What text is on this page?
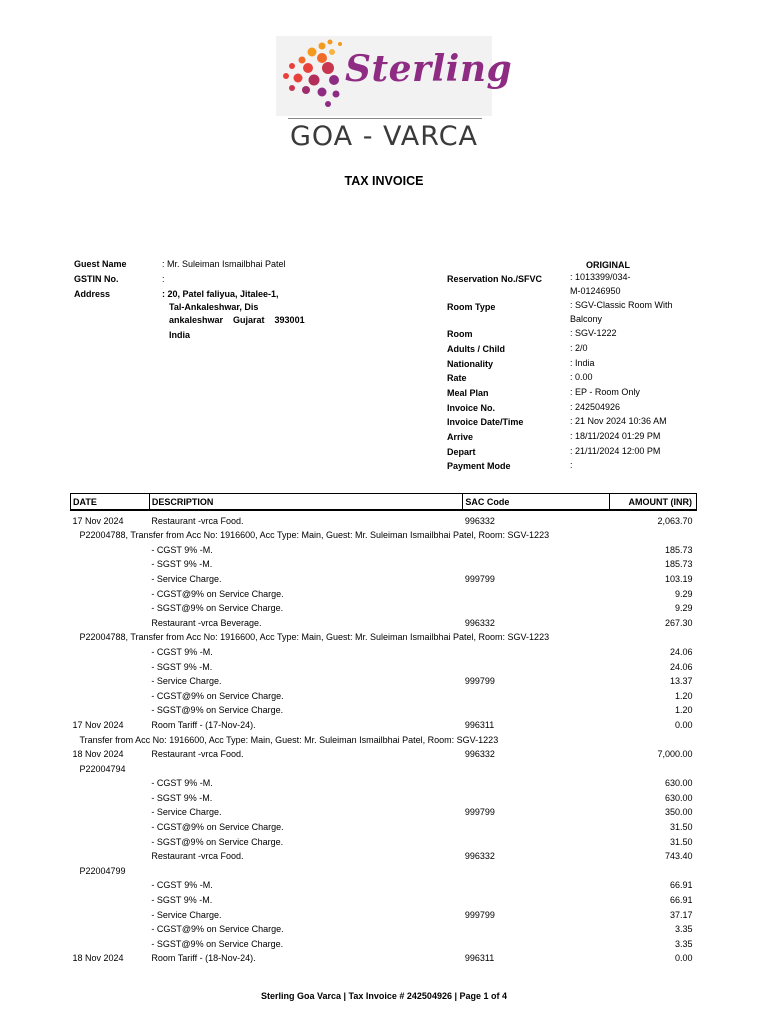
Sterling
GOA - VARCA
TAX INVOICE
Guest Name	: Mr. Suleiman Ismailbhai Patel
GSTIN No.	:
Address	: 20, Patel faliyua, Jitalee-1,
Tal-Ankaleshwar, Dis
ankaleshwar    Gujarat    393001
India
ORIGINAL
Reservation No./SFVC	: 1013399/034-
M-01246950
Room Type	: SGV-Classic Room With
Balcony
Room	: SGV-1222
Adults / Child	: 2/0
Nationality	: India
Rate	: 0.00
Meal Plan	: EP - Room Only
Invoice No.	: 242504926
Invoice Date/Time	: 21 Nov 2024 10:36 AM
Arrive	: 18/11/2024 01:29 PM
Depart	: 21/11/2024 12:00 PM
Payment Mode	:
DATE	DESCRIPTION	SAC Code	AMOUNT (INR)
17 Nov 2024	Restaurant -vrca Food.	996332	2,063.70
P22004788, Transfer from Acc No: 1916600, Acc Type: Main, Guest: Mr. Suleiman Ismailbhai Patel, Room: SGV-1223			
	- CGST 9% -M.		185.73
	- SGST 9% -M.		185.73
	- Service Charge.	999799	103.19
	- CGST@9% on Service Charge.		9.29
	- SGST@9% on Service Charge.		9.29
	Restaurant -vrca Beverage.	996332	267.30
P22004788, Transfer from Acc No: 1916600, Acc Type: Main, Guest: Mr. Suleiman Ismailbhai Patel, Room: SGV-1223			
	- CGST 9% -M.		24.06
	- SGST 9% -M.		24.06
	- Service Charge.	999799	13.37
	- CGST@9% on Service Charge.		1.20
	- SGST@9% on Service Charge.		1.20
17 Nov 2024	Room Tariff - (17-Nov-24).	996311	0.00
Transfer from Acc No: 1916600, Acc Type: Main, Guest: Mr. Suleiman Ismailbhai Patel, Room: SGV-1223			
18 Nov 2024	Restaurant -vrca Food.	996332	7,000.00
P22004794			
	- CGST 9% -M.		630.00
	- SGST 9% -M.		630.00
	- Service Charge.	999799	350.00
	- CGST@9% on Service Charge.		31.50
	- SGST@9% on Service Charge.		31.50
	Restaurant -vrca Food.	996332	743.40
P22004799			
	- CGST 9% -M.		66.91
	- SGST 9% -M.		66.91
	- Service Charge.	999799	37.17
	- CGST@9% on Service Charge.		3.35
	- SGST@9% on Service Charge.		3.35
18 Nov 2024	Room Tariff - (18-Nov-24).	996311	0.00
Sterling Goa Varca | Tax Invoice # 242504926 | Page 1 of 4
